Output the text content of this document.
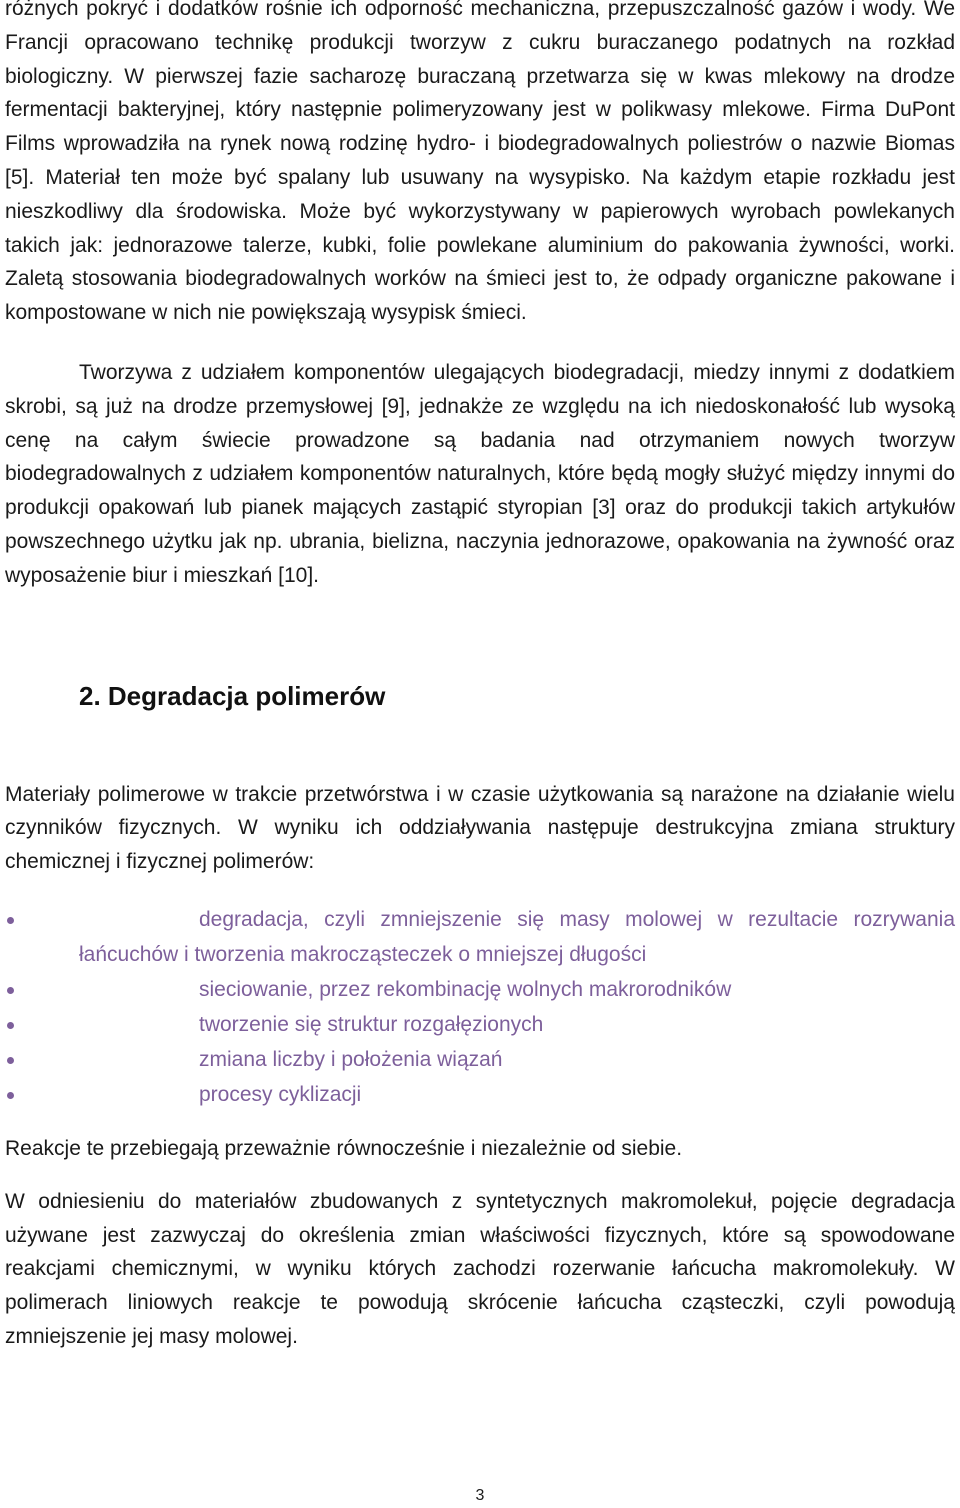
różnych pokryć i dodatków rośnie ich odporność mechaniczna, przepuszczalność gazów i wody. We Francji opracowano technikę produkcji tworzyw z cukru buraczanego podatnych na rozkład biologiczny. W pierwszej fazie sacharozę buraczaną przetwarza się w kwas mlekowy na drodze fermentacji bakteryjnej, który następnie polimeryzowany jest w polikwasy mlekowe. Firma DuPont Films wprowadziła na rynek nową rodzinę hydro- i biodegradowalnych poliestrów o nazwie Biomas [5]. Materiał ten może być spalany lub usuwany na wysypisko. Na każdym etapie rozkładu jest nieszkodliwy dla środowiska. Może być wykorzystywany w papierowych wyrobach powlekanych takich jak: jednorazowe talerze, kubki, folie powlekane aluminium do pakowania żywności, worki. Zaletą stosowania biodegradowalnych worków na śmieci jest to, że odpady organiczne pakowane i kompostowane w nich nie powiększają wysypisk śmieci.

Tworzywa z udziałem komponentów ulegających biodegradacji, miedzy innymi z dodatkiem skrobi, są już na drodze przemysłowej [9], jednakże ze względu na ich niedoskonałość lub wysoką cenę na całym świecie prowadzone są badania nad otrzymaniem nowych tworzyw biodegradowalnych z udziałem komponentów naturalnych, które będą mogły służyć między innymi do produkcji opakowań lub pianek mających zastąpić styropian [3] oraz do produkcji takich artykułów powszechnego użytku jak np. ubrania, bielizna, naczynia jednorazowe, opakowania na żywność oraz wyposażenie biur i mieszkań [10].

2. Degradacja polimerów

Materiały polimerowe w trakcie przetwórstwa i w czasie użytkowania są narażone na działanie wielu czynników fizycznych. W wyniku ich oddziaływania następuje destrukcyjna zmiana struktury chemicznej i fizycznej polimerów:

degradacja, czyli zmniejszenie się masy molowej w rezultacie rozrywania łańcuchów i tworzenia makrocząsteczek o mniejszej długości
sieciowanie, przez rekombinację wolnych makrorodników
tworzenie się struktur rozgałęzionych
zmiana liczby i położenia wiązań
procesy cyklizacji

Reakcje te przebiegają przeważnie równocześnie i niezależnie od siebie.

W odniesieniu do materiałów zbudowanych z syntetycznych makromolekuł, pojęcie degradacja używane jest zazwyczaj do określenia zmian właściwości fizycznych, które są spowodowane reakcjami chemicznymi, w wyniku których zachodzi rozerwanie łańcucha makromolekuły. W polimerach liniowych reakcje te powodują skrócenie łańcucha cząsteczki, czyli powodują zmniejszenie jej masy molowej.

3
